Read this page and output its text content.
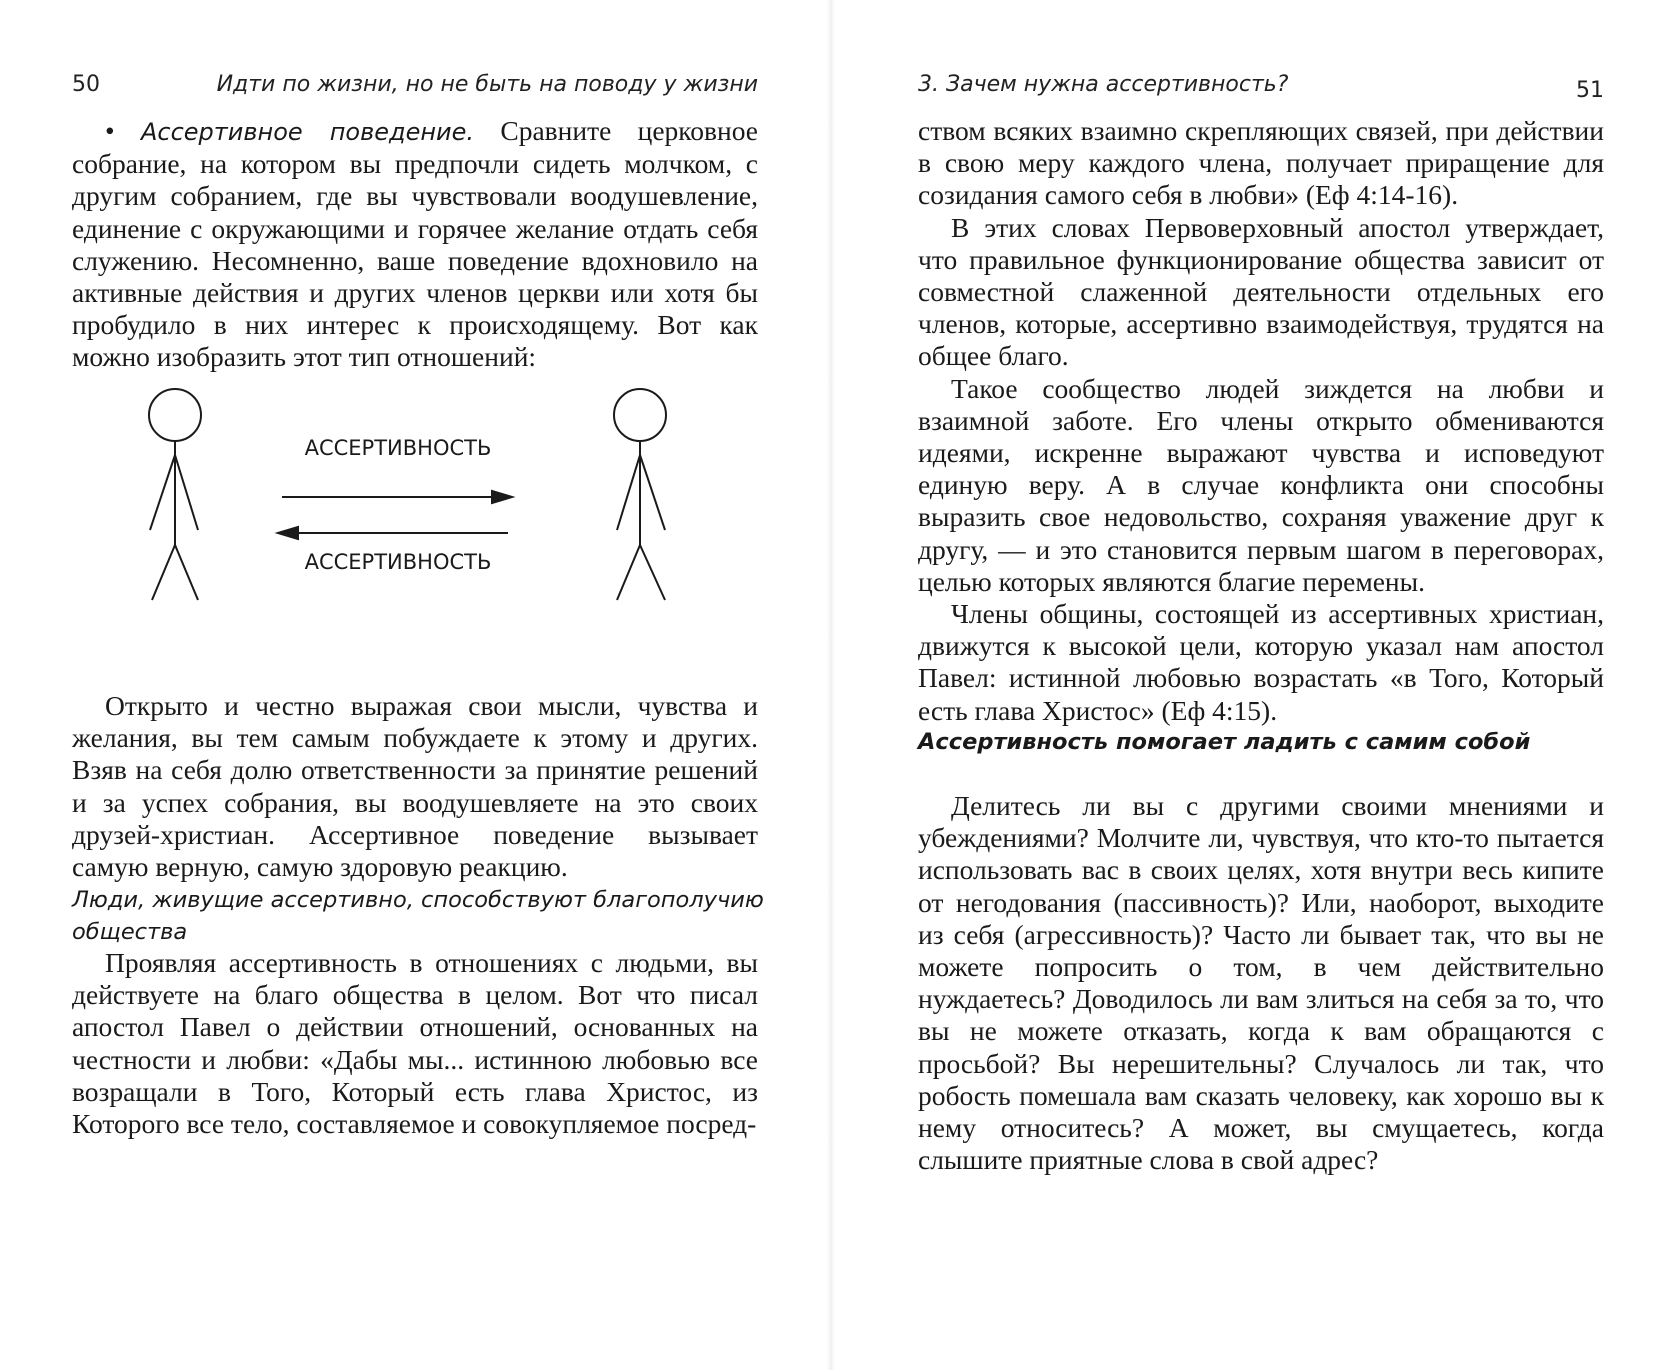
50	Идти по жизни, но не быть на поводу у жизни

• Ассертивное поведение. Сравните церковное собрание, на котором вы предпочли сидеть молчком, с другим собранием, где вы чувствовали воодушевление, единение с окружающими и горячее желание отдать себя служению. Несомненно, ваше поведение вдохновило на активные действия и других членов церкви или хотя бы пробудило в них интерес к происходящему. Вот как можно изобразить этот тип отношений:

АССЕРТИВНОСТЬ
АССЕРТИВНОСТЬ

Открыто и честно выражая свои мысли, чувства и желания, вы тем самым побуждаете к этому и других. Взяв на себя долю ответственности за принятие решений и за успех собрания, вы воодушевляете на это своих друзей-христиан. Ассертивное поведение вызывает самую верную, самую здоровую реакцию.

Люди, живущие ассертивно, способствуют благополучию общества

Проявляя ассертивность в отношениях с людьми, вы действуете на благо общества в целом. Вот что писал апостол Павел о действии отношений, основанных на честности и любви: «Дабы мы... истинною любовью все возращали в Того, Который есть глава Христос, из Которого все тело, составляемое и совокупляемое посред-

3. Зачем нужна ассертивность?	51

ством всяких взаимно скрепляющих связей, при действии в свою меру каждого члена, получает приращение для созидания самого себя в любви» (Еф 4:14-16).

В этих словах Первоверховный апостол утверждает, что правильное функционирование общества зависит от совместной слаженной деятельности отдельных его членов, которые, ассертивно взаимодействуя, трудятся на общее благо.

Такое сообщество людей зиждется на любви и взаимной заботе. Его члены открыто обмениваются идеями, искренне выражают чувства и исповедуют единую веру. А в случае конфликта они способны выразить свое недовольство, сохраняя уважение друг к другу, — и это становится первым шагом в переговорах, целью которых являются благие перемены.

Члены общины, состоящей из ассертивных христиан, движутся к высокой цели, которую указал нам апостол Павел: истинной любовью возрастать «в Того, Который есть глава Христос» (Еф 4:15).

Ассертивность помогает ладить с самим собой

Делитесь ли вы с другими своими мнениями и убеждениями? Молчите ли, чувствуя, что кто-то пытается использовать вас в своих целях, хотя внутри весь кипите от негодования (пассивность)? Или, наоборот, выходите из себя (агрессивность)? Часто ли бывает так, что вы не можете попросить о том, в чем действительно нуждаетесь? Доводилось ли вам злиться на себя за то, что вы не можете отказать, когда к вам обращаются с просьбой? Вы нерешительны? Случалось ли так, что робость помешала вам сказать человеку, как хорошо вы к нему относитесь? А может, вы смущаетесь, когда слышите приятные слова в свой адрес?
